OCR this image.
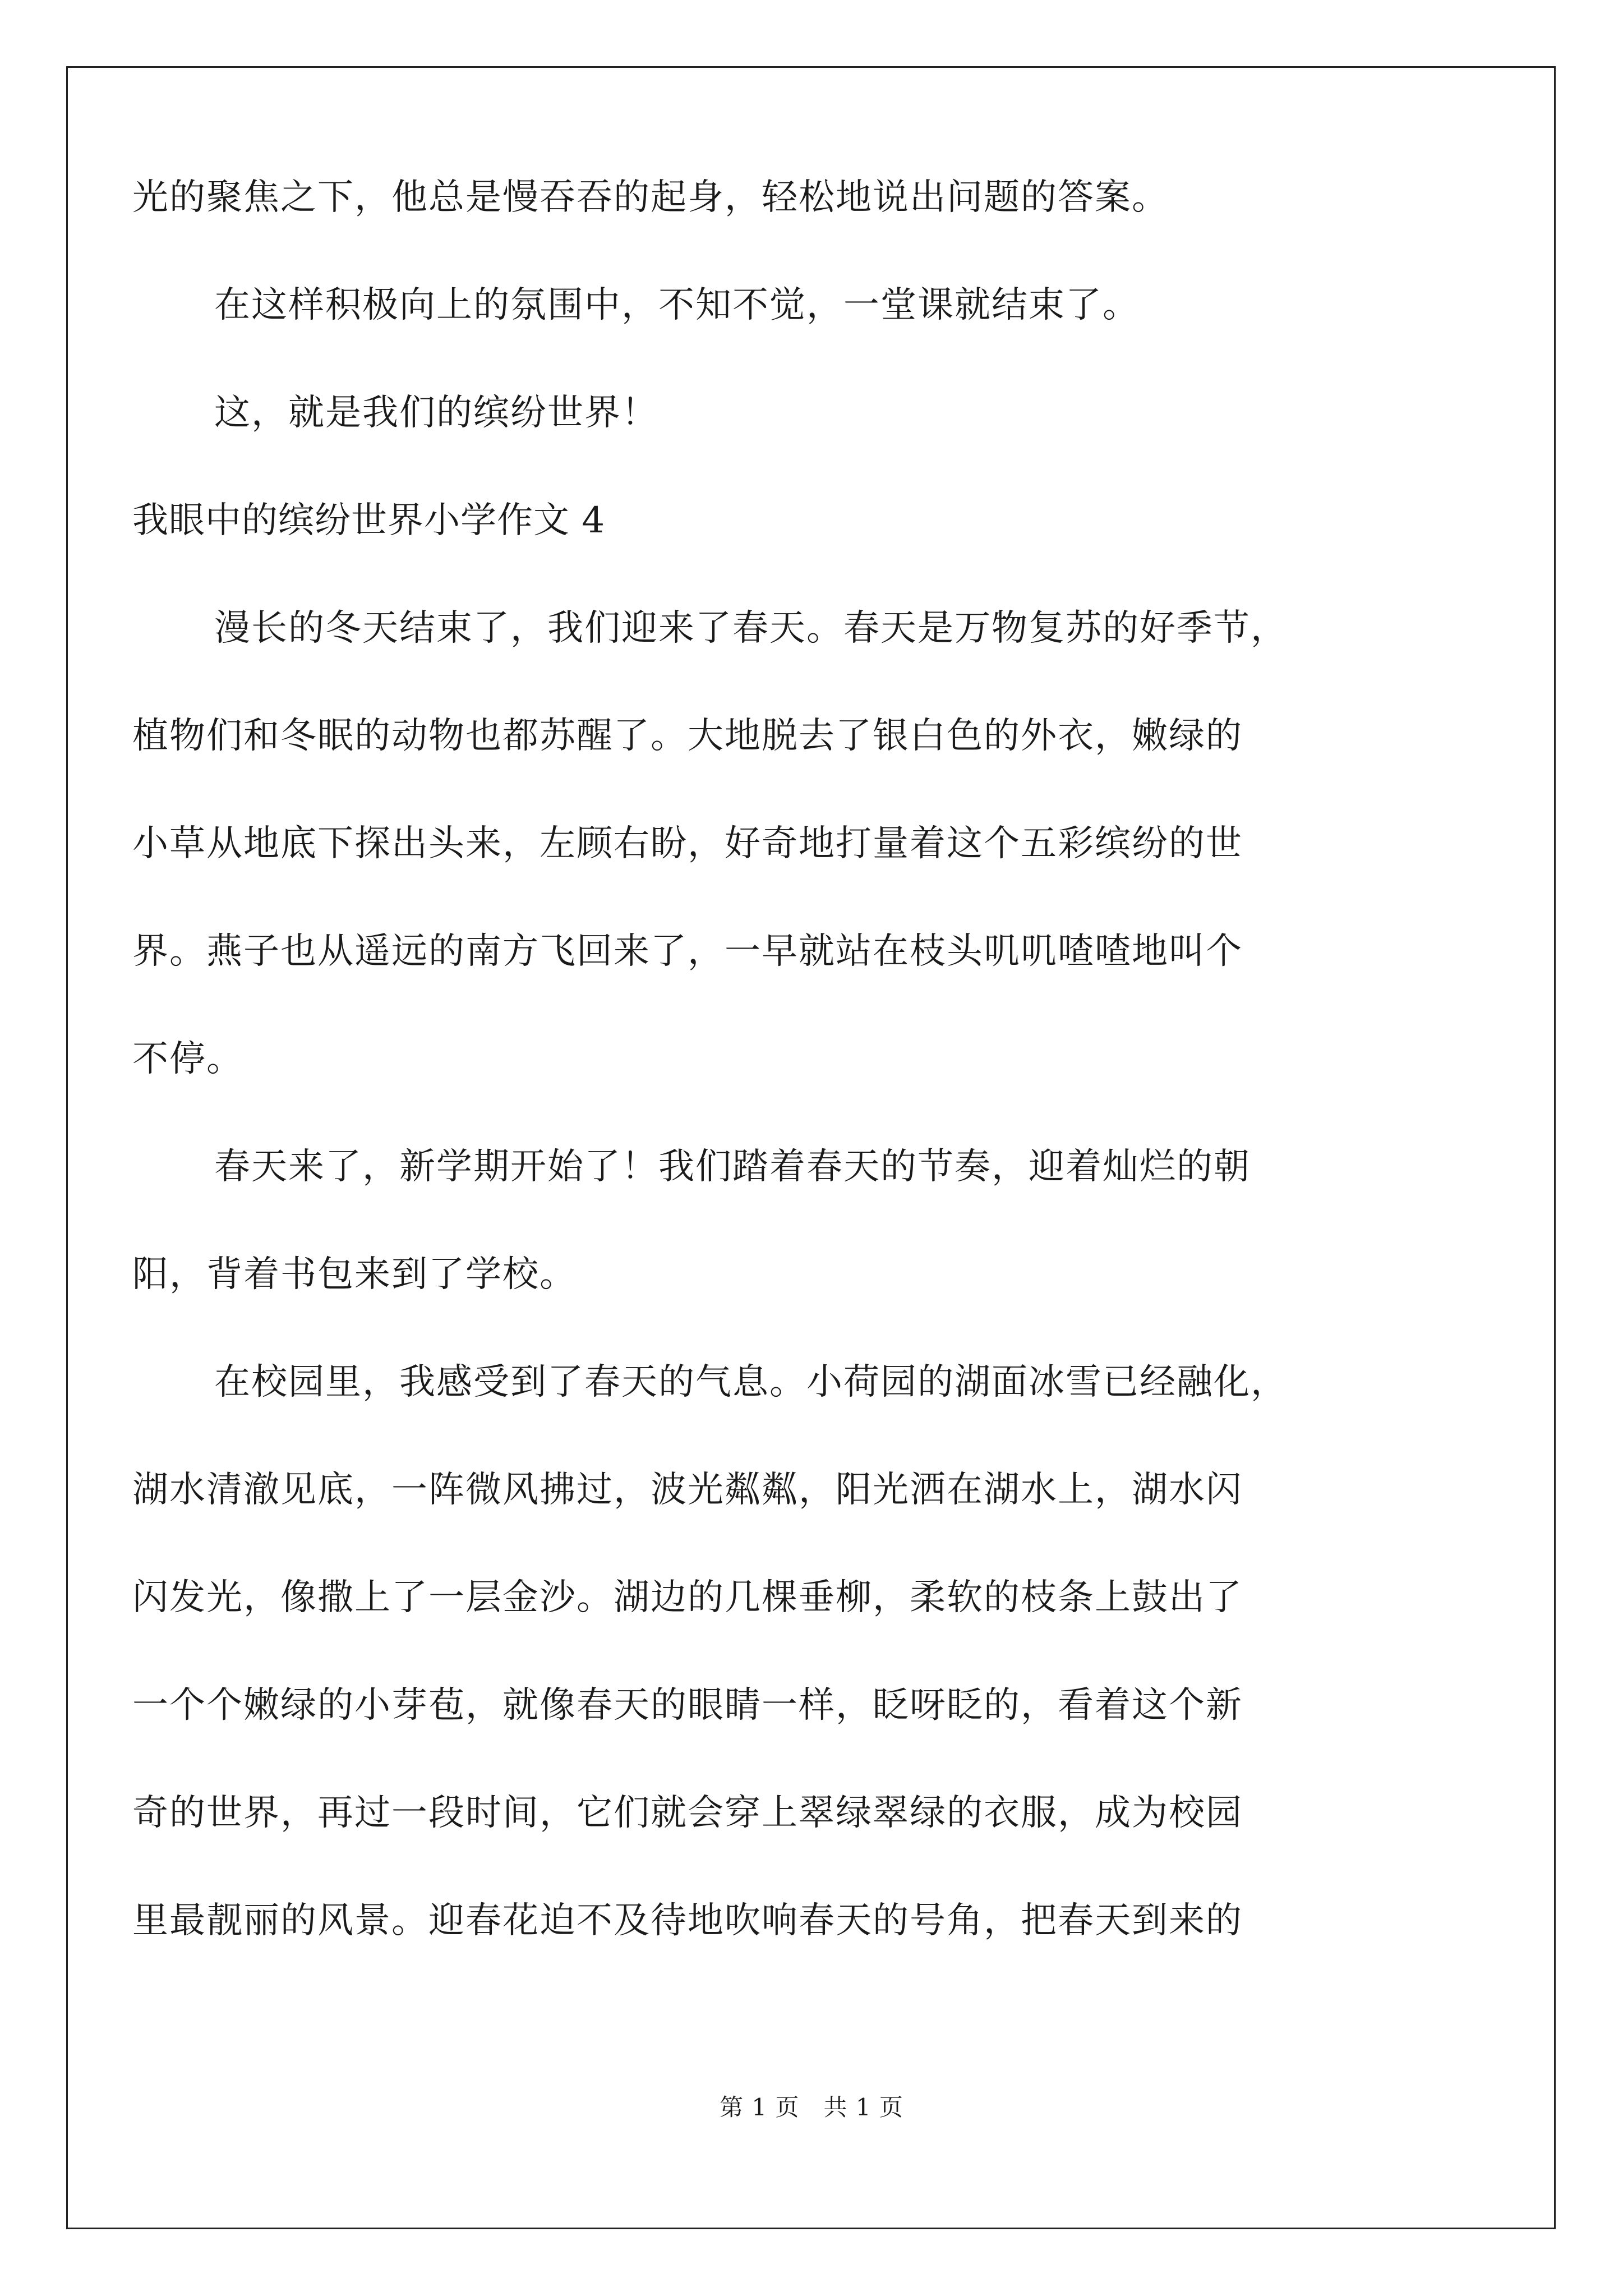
光的聚焦之下，他总是慢吞吞的起身，轻松地说出问题的答案。
在这样积极向上的氛围中，不知不觉，一堂课就结束了。
这，就是我们的缤纷世界！
我眼中的缤纷世界小学作文 4
漫长的冬天结束了，我们迎来了春天。春天是万物复苏的好季节，
植物们和冬眠的动物也都苏醒了。大地脱去了银白色的外衣，嫩绿的
小草从地底下探出头来，左顾右盼，好奇地打量着这个五彩缤纷的世
界。燕子也从遥远的南方飞回来了，一早就站在枝头叽叽喳喳地叫个
不停。
春天来了，新学期开始了！我们踏着春天的节奏，迎着灿烂的朝
阳，背着书包来到了学校。
在校园里，我感受到了春天的气息。小荷园的湖面冰雪已经融化，
湖水清澈见底，一阵微风拂过，波光粼粼，阳光洒在湖水上，湖水闪
闪发光，像撒上了一层金沙。湖边的几棵垂柳，柔软的枝条上鼓出了
一个个嫩绿的小芽苞，就像春天的眼睛一样，眨呀眨的，看着这个新
奇的世界，再过一段时间，它们就会穿上翠绿翠绿的衣服，成为校园
里最靓丽的风景。迎春花迫不及待地吹响春天的号角，把春天到来的
第 1 页　共 1 页
